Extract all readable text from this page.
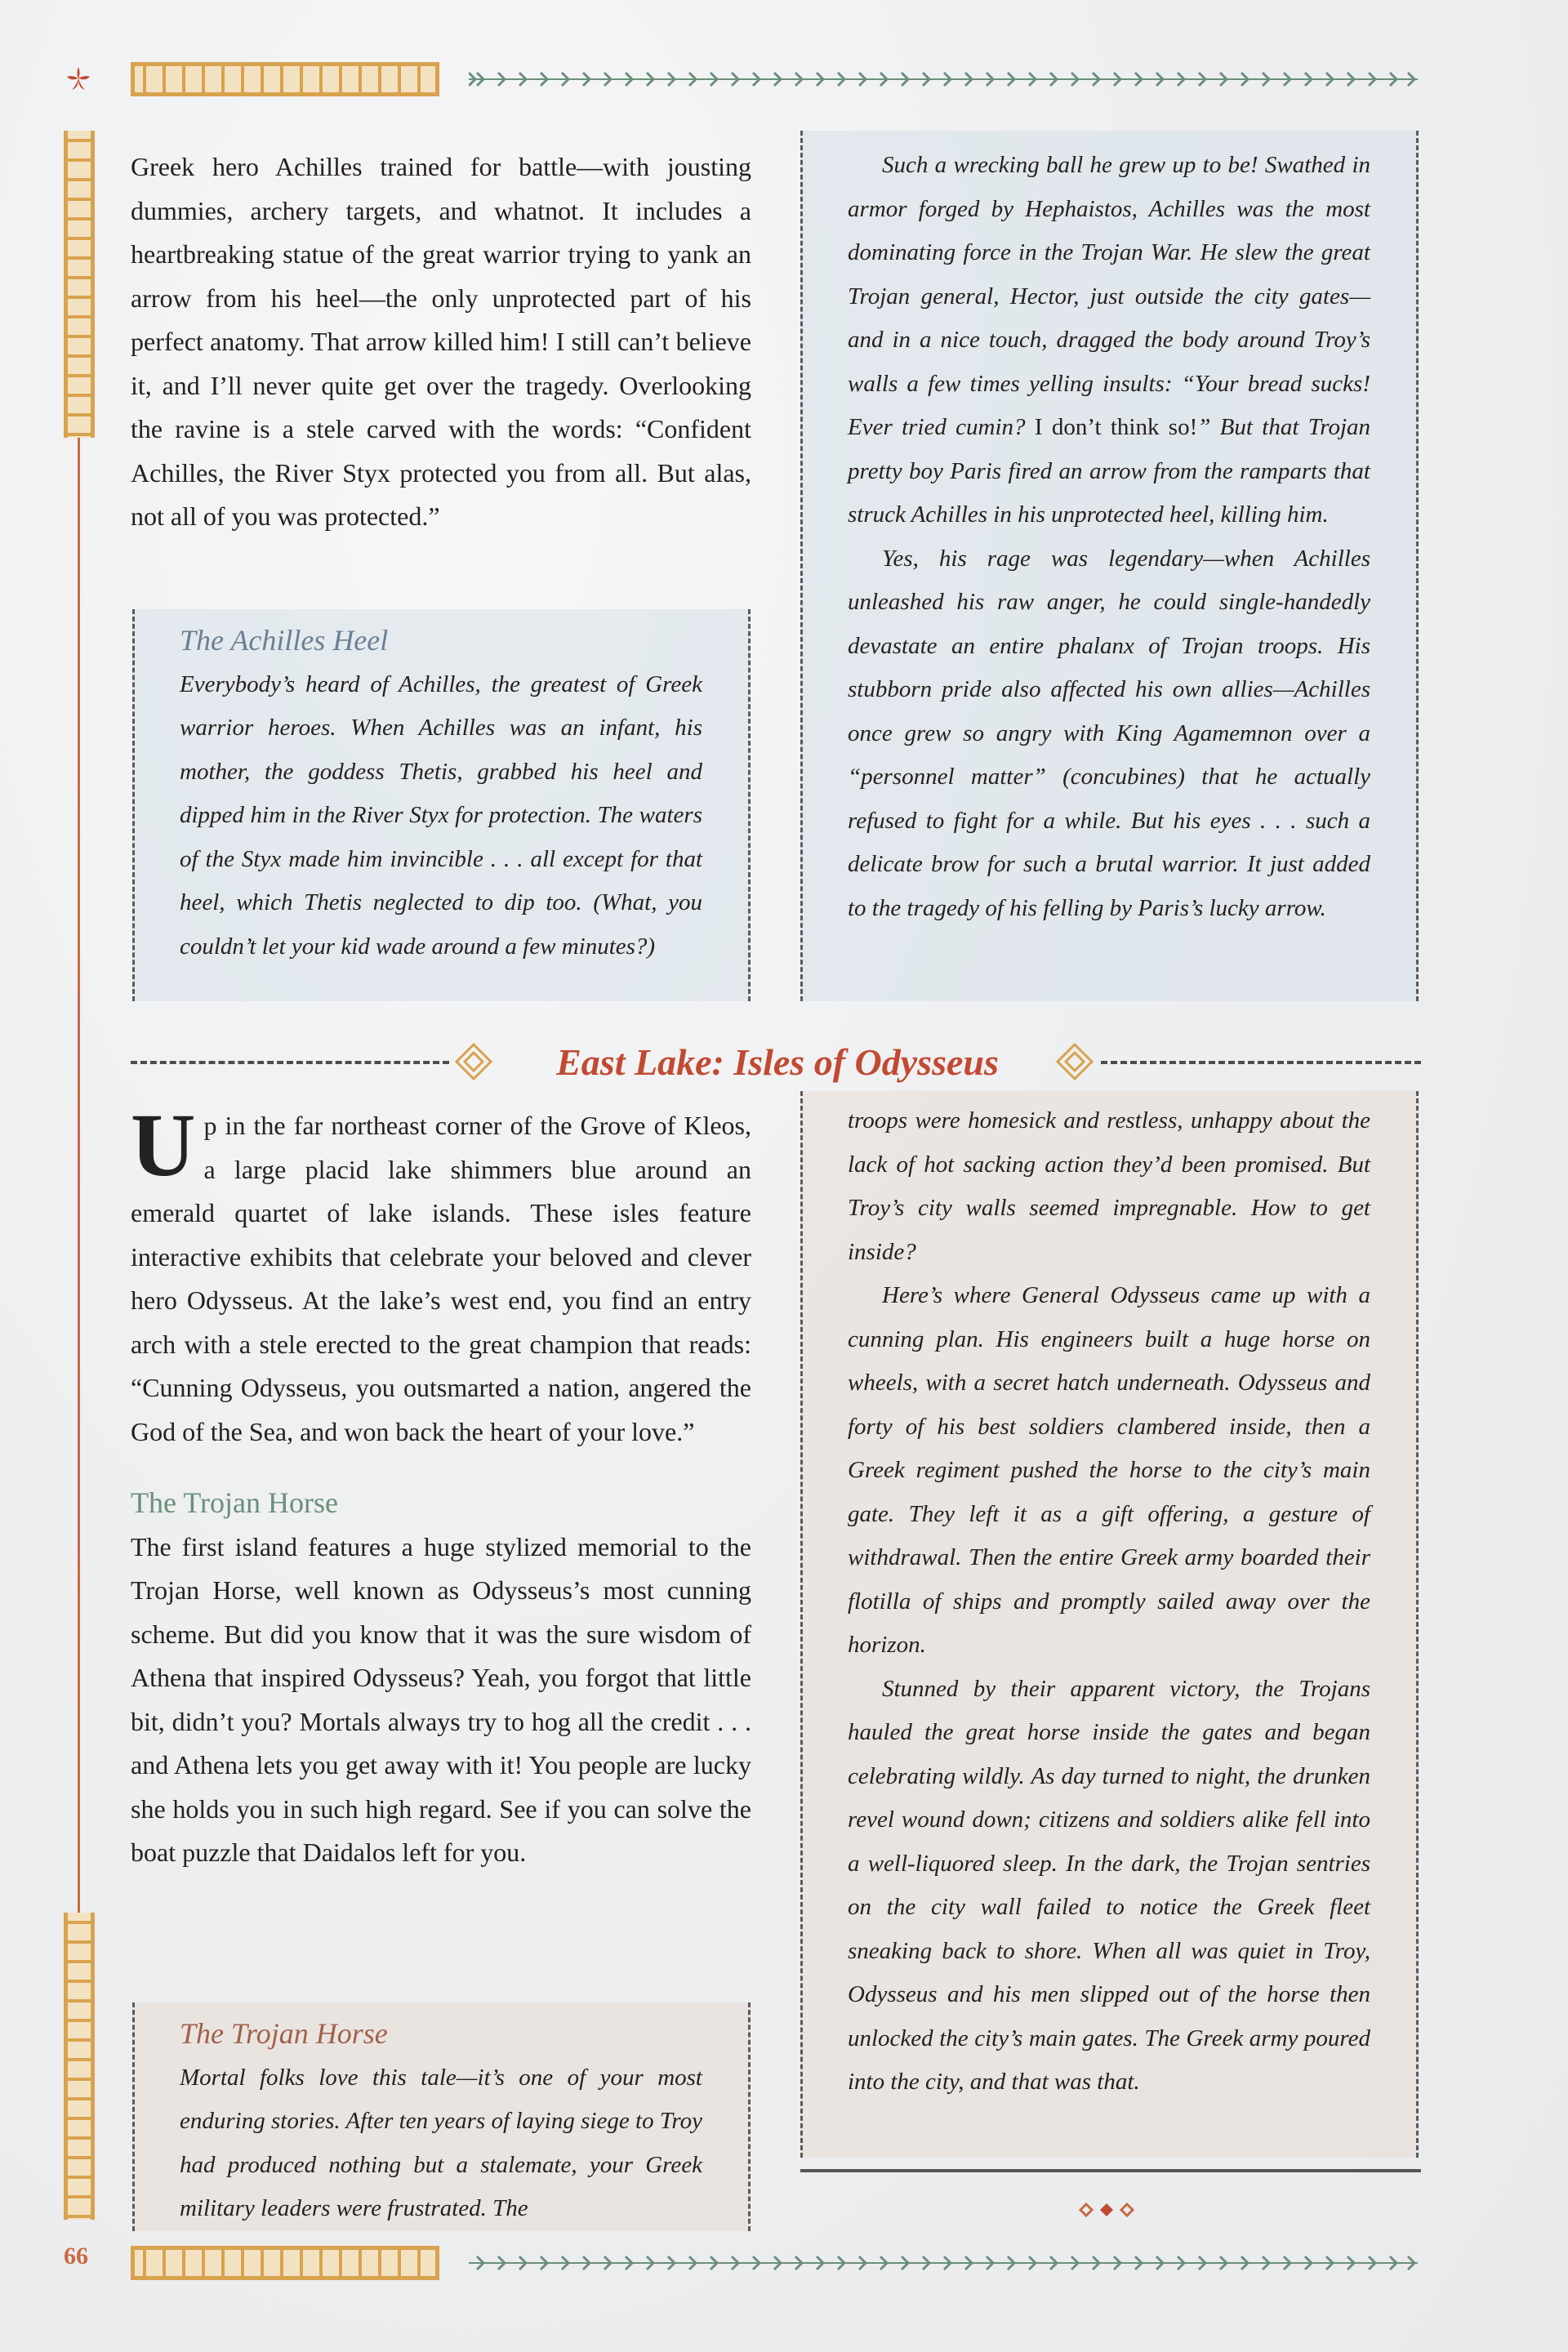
Greek hero Achilles trained for battle—with jousting dummies, archery targets, and whatnot. It includes a heartbreaking statue of the great warrior trying to yank an arrow from his heel—the only unprotected part of his perfect anatomy. That arrow killed him! I still can’t believe it, and I’ll never quite get over the tragedy. Overlooking the ravine is a stele carved with the words: “Confident Achilles, the River Styx protected you from all. But alas, not all of you was protected.”

The Achilles Heel

Everybody’s heard of Achilles, the greatest of Greek warrior heroes. When Achilles was an infant, his mother, the goddess Thetis, grabbed his heel and dipped him in the River Styx for protection. The waters of the Styx made him invincible . . . all except for that heel, which Thetis neglected to dip too. (What, you couldn’t let your kid wade around a few minutes?)

Such a wrecking ball he grew up to be! Swathed in armor forged by Hephaistos, Achilles was the most dominating force in the Trojan War. He slew the great Trojan general, Hector, just outside the city gates—and in a nice touch, dragged the body around Troy’s walls a few times yelling insults: “Your bread sucks! Ever tried cumin? I don’t think so!” But that Trojan pretty boy Paris fired an arrow from the ramparts that struck Achilles in his unprotected heel, killing him.

Yes, his rage was legendary—when Achilles unleashed his raw anger, he could single-handedly devastate an entire phalanx of Trojan troops. His stubborn pride also affected his own allies—Achilles once grew so angry with King Agamemnon over a “personnel matter” (concubines) that he actually refused to fight for a while. But his eyes . . . such a delicate brow for such a brutal warrior. It just added to the tragedy of his felling by Paris’s lucky arrow.

East Lake: Isles of Odysseus

Up in the far northeast corner of the Grove of Kleos, a large placid lake shimmers blue around an emerald quartet of lake islands. These isles feature interactive exhibits that celebrate your beloved and clever hero Odysseus. At the lake’s west end, you find an entry arch with a stele erected to the great champion that reads: “Cunning Odysseus, you outsmarted a nation, angered the God of the Sea, and won back the heart of your love.”

The Trojan Horse

The first island features a huge stylized memorial to the Trojan Horse, well known as Odysseus’s most cunning scheme. But did you know that it was the sure wisdom of Athena that inspired Odysseus? Yeah, you forgot that little bit, didn’t you? Mortals always try to hog all the credit . . . and Athena lets you get away with it! You people are lucky she holds you in such high regard. See if you can solve the boat puzzle that Daidalos left for you.

The Trojan Horse

Mortal folks love this tale—it’s one of your most enduring stories. After ten years of laying siege to Troy had produced nothing but a stalemate, your Greek military leaders were frustrated. The

troops were homesick and restless, unhappy about the lack of hot sacking action they’d been promised. But Troy’s city walls seemed impregnable. How to get inside?

Here’s where General Odysseus came up with a cunning plan. His engineers built a huge horse on wheels, with a secret hatch underneath. Odysseus and forty of his best soldiers clambered inside, then a Greek regiment pushed the horse to the city’s main gate. They left it as a gift offering, a gesture of withdrawal. Then the entire Greek army boarded their flotilla of ships and promptly sailed away over the horizon.

Stunned by their apparent victory, the Trojans hauled the great horse inside the gates and began celebrating wildly. As day turned to night, the drunken revel wound down; citizens and soldiers alike fell into a well-liquored sleep. In the dark, the Trojan sentries on the city wall failed to notice the Greek fleet sneaking back to shore. When all was quiet in Troy, Odysseus and his men slipped out of the horse then unlocked the city’s main gates. The Greek army poured into the city, and that was that.

66
